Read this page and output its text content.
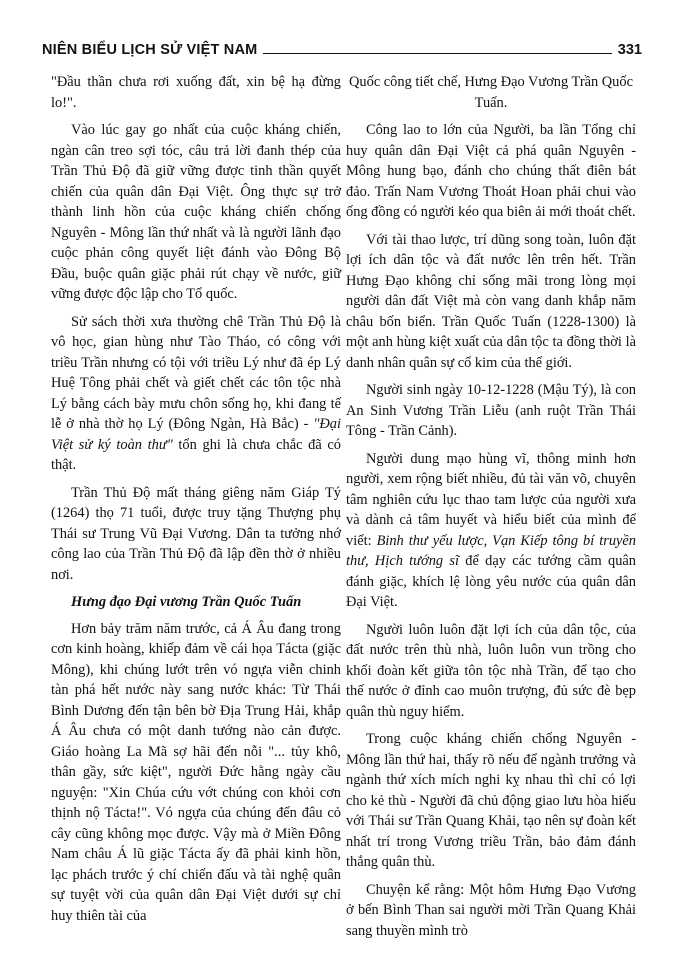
NIÊN BIỂU LỊCH SỬ VIỆT NAM	331

"Đầu thần chưa rơi xuống đất, xin bệ hạ đừng lo!".

Vào lúc gay go nhất của cuộc kháng chiến, ngàn cân treo sợi tóc, câu trả lời đanh thép của Trần Thủ Độ đã giữ vững được tinh thần quyết chiến của quân dân Đại Việt. Ông thực sự trở thành linh hồn của cuộc kháng chiến chống Nguyên - Mông lần thứ nhất và là người lãnh đạo cuộc phản công quyết liệt đánh vào Đông Bộ Đầu, buộc quân giặc phải rút chạy về nước, giữ vững được độc lập cho Tổ quốc.

Sử sách thời xưa thường chê Trần Thủ Độ là vô học, gian hùng như Tào Tháo, có công với triều Trần nhưng có tội với triều Lý như đã ép Lý Huệ Tông phải chết và giết chết các tôn tộc nhà Lý bằng cách bày mưu chôn sống họ, khi đang tế lễ ở nhà thờ họ Lý (Đông Ngàn, Hà Bắc) - "Đại Việt sử ký toàn thư" tổn ghi là chưa chắc đã có thật.

Trần Thủ Độ mất tháng giêng năm Giáp Tý (1264) thọ 71 tuổi, được truy tặng Thượng phụ Thái sư Trung Vũ Đại Vương. Dân ta tưởng nhớ công lao của Trần Thủ Độ đã lập đền thờ ở nhiều nơi.

Hưng đạo Đại vương Trần Quốc Tuấn

Hơn bảy trăm năm trước, cả Á Âu đang trong cơn kinh hoàng, khiếp đảm về cái họa Tácta (giặc Mông), khi chúng lướt trên vó ngựa viễn chinh tàn phá hết nước này sang nước khác: Từ Thái Bình Dương đến tận bên bờ Địa Trung Hải, khắp Á Âu chưa có một danh tướng nào cản được. Giáo hoàng La Mã sợ hãi đến nỗi "... tủy khô, thân gầy, sức kiệt", người Đức hằng ngày cầu nguyện: "Xin Chúa cứu vớt chúng con khỏi cơn thịnh nộ Tácta!". Vó ngựa của chúng đến đâu cỏ cây cũng không mọc được. Vậy mà ở Miền Đông Nam châu Á lũ giặc Tácta ấy đã phải kinh hồn, lạc phách trước ý chí chiến đấu và tài nghệ quân sự tuyệt vời của quân dân Đại Việt dưới sự chỉ huy thiên tài của

Quốc công tiết chế, Hưng Đạo Vương Trần Quốc Tuấn.

Công lao to lớn của Người, ba lần Tổng chỉ huy quân dân Đại Việt cả phá quân Nguyên - Mông hung bạo, đánh cho chúng thất điên bát đảo. Trấn Nam Vương Thoát Hoan phải chui vào ống đồng có người kéo qua biên ải mới thoát chết.

Với tài thao lược, trí dũng song toàn, luôn đặt lợi ích dân tộc và đất nước lên trên hết. Trần Hưng Đạo không chỉ sống mãi trong lòng mọi người dân đất Việt mà còn vang danh khắp năm châu bốn biển. Trần Quốc Tuấn (1228-1300) là một anh hùng kiệt xuất của dân tộc ta đồng thời là danh nhân quân sự cổ kim của thế giới.

Người sinh ngày 10-12-1228 (Mậu Tý), là con An Sinh Vương Trần Liễu (anh ruột Trần Thái Tông - Trần Cảnh).

Người dung mạo hùng vĩ, thông minh hơn người, xem rộng biết nhiều, đủ tài văn võ, chuyên tâm nghiên cứu lục thao tam lược của người xưa và dành cả tâm huyết và hiểu biết của mình để viết: Binh thư yếu lược, Vạn Kiếp tông bí truyền thư, Hịch tướng sĩ để dạy các tướng cầm quân đánh giặc, khích lệ lòng yêu nước của quân dân Đại Việt.

Người luôn luôn đặt lợi ích của dân tộc, của đất nước trên thù nhà, luôn luôn vun trồng cho khối đoàn kết giữa tôn tộc nhà Trần, để tạo cho thế nước ở đỉnh cao muôn trượng, đủ sức đè bẹp quân thù nguy hiểm.

Trong cuộc kháng chiến chống Nguyên - Mông lần thứ hai, thấy rõ nếu để ngành trưởng và ngành thứ xích mích nghi kỵ nhau thì chỉ có lợi cho kẻ thù - Người đã chủ động giao lưu hòa hiếu với Thái sư Trần Quang Khải, tạo nên sự đoàn kết nhất trí trong Vương triều Trần, bảo đảm đánh thắng quân thù.

Chuyện kể rằng: Một hôm Hưng Đạo Vương ở bến Bình Than sai người mời Trần Quang Khải sang thuyền mình trò
